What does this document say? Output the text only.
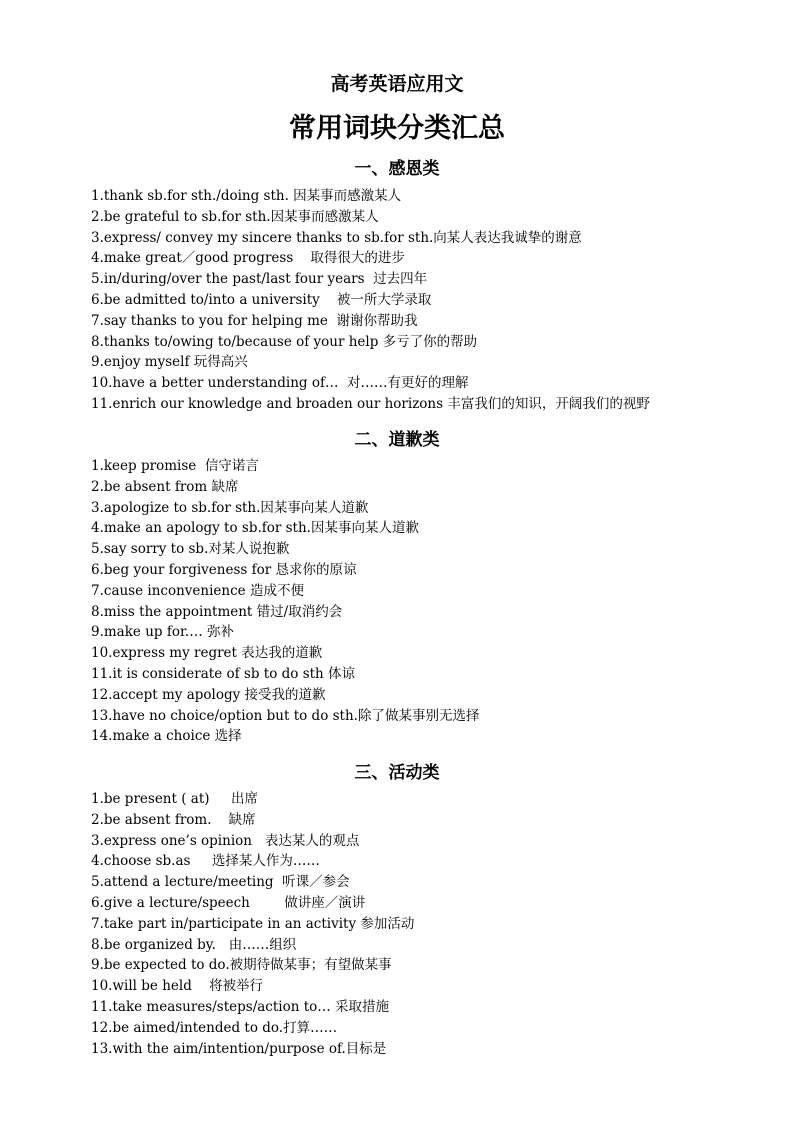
高考英语应用文
常用词块分类汇总
一、感恩类
1.thank sb.for sth./doing sth. 因某事而感激某人
2.be grateful to sb.for sth.因某事而感激某人
3.express/ convey my sincere thanks to sb.for sth.向某人表达我诚挚的谢意
4.make great／good progress    取得很大的进步
5.in/during/over the past/last four years  过去四年
6.be admitted to/into a university    被一所大学录取
7.say thanks to you for helping me  谢谢你帮助我
8.thanks to/owing to/because of your help 多亏了你的帮助
9.enjoy myself 玩得高兴
10.have a better understanding of…  对……有更好的理解
11.enrich our knowledge and broaden our horizons 丰富我们的知识，开阔我们的视野
二、道歉类
1.keep promise  信守诺言
2.be absent from 缺席
3.apologize to sb.for sth.因某事向某人道歉
4.make an apology to sb.for sth.因某事向某人道歉
5.say sorry to sb.对某人说抱歉
6.beg your forgiveness for 恳求你的原谅
7.cause inconvenience 造成不便
8.miss the appointment 错过/取消约会
9.make up for.… 弥补
10.express my regret 表达我的道歉
11.it is considerate of sb to do sth 体谅
12.accept my apology 接受我的道歉
13.have no choice/option but to do sth.除了做某事别无选择
14.make a choice 选择
三、活动类
1.be present ( at)     出席
2.be absent from.    缺席
3.express one’s opinion   表达某人的观点
4.choose sb.as     选择某人作为……
5.attend a lecture/meeting  听课／参会
6.give a lecture/speech        做讲座／演讲
7.take part in/participate in an activity 参加活动
8.be organized by.   由……组织
9.be expected to do.被期待做某事；有望做某事
10.will be held    将被举行
11.take measures/steps/action to… 采取措施
12.be aimed/intended to do.打算……
13.with the aim/intention/purpose of.目标是
